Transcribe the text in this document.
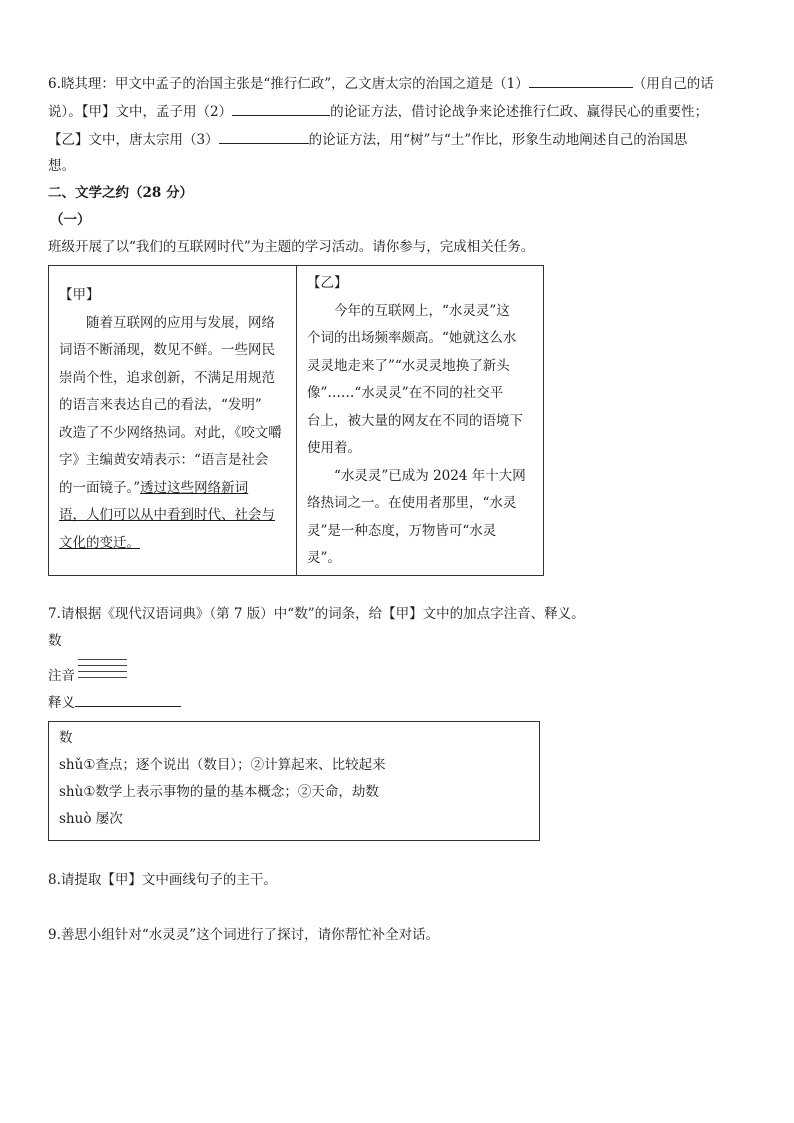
6.晓其理：甲文中孟子的治国主张是“推行仁政”，乙文唐太宗的治国之道是（1）	（用自己的话
说）。【甲】文中，孟子用（2）	的论证方法，借讨论战争来论述推行仁政、赢得民心的重要性；
【乙】文中，唐太宗用（3）	的论证方法，用“树”与“土”作比，形象生动地阐述自己的治国思
想。
二、文学之约（28 分）
（一）
班级开展了以“我们的互联网时代”为主题的学习活动。请你参与，完成相关任务。
【甲】
　　随着互联网的应用与发展，网络
词语不断涌现，数见不鲜。一些网民
崇尚个性，追求创新，不满足用规范
的语言来表达自己的看法，“发明”
改造了不少网络热词。对此，《咬文嚼
字》主编黄安靖表示：“语言是社会
的一面镜子。”透过这些网络新词
语，人们可以从中看到时代、社会与
文化的变迁。
【乙】
　　今年的互联网上，“水灵灵”这
个词的出场频率颇高。“她就这么水
灵灵地走来了”“水灵灵地换了新头
像”……“水灵灵”在不同的社交平
台上，被大量的网友在不同的语境下
使用着。
　　“水灵灵”已成为 2024 年十大网
络热词之一。在使用者那里，“水灵
灵”是一种态度，万物皆可“水灵
灵”。
7.请根据《现代汉语词典》（第 7 版）中“数”的词条，给【甲】文中的加点字注音、释义。
数
注音
释义
数
shǔ①查点；逐个说出（数目）；②计算起来、比较起来
shù①数学上表示事物的量的基本概念；②天命，劫数
shuò 屡次
8.请提取【甲】文中画线句子的主干。
9.善思小组针对“水灵灵”这个词进行了探讨，请你帮忙补全对话。
